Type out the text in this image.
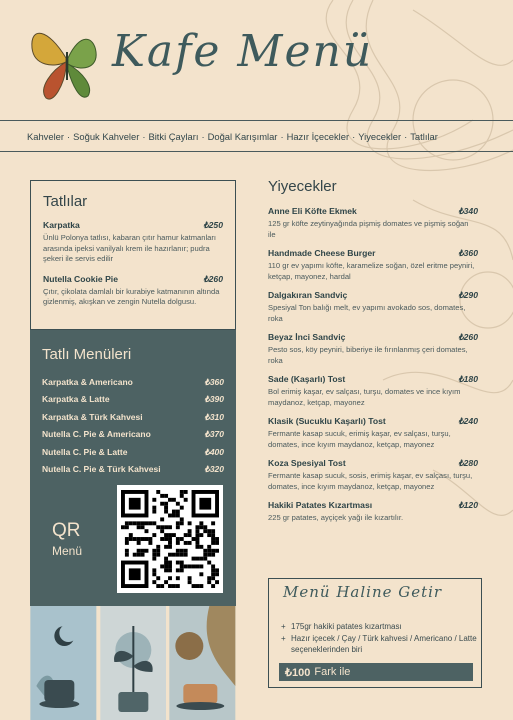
Kafe Menü
Kahveler · Soğuk Kahveler · Bitki Çayları · Doğal Karışımlar · Hazır İçecekler · Yiyecekler · Tatlılar
Tatlılar
Karpatka	₺250
Ünlü Polonya tatlısı, kabaran çıtır hamur katmanları arasında ipeksi vanilyalı krem ile hazırlanır; pudra şekeri ile servis edilir
Nutella Cookie Pie	₺260
Çıtır, çikolata damlalı bir kurabiye katmanının altında gizlenmiş, akışkan ve zengin Nutella dolgusu.
Tatlı Menüleri
Karpatka & Americano	₺360
Karpatka & Latte	₺390
Karpatka & Türk Kahvesi	₺310
Nutella C. Pie & Americano	₺370
Nutella C. Pie & Latte	₺400
Nutella C. Pie & Türk Kahvesi	₺320
QR
Menü
Yiyecekler
Anne Eli Köfte Ekmek	₺340
125 gr köfte zeytinyağında pişmiş domates ve pişmiş soğan ile
Handmade Cheese Burger	₺360
110 gr ev yapımı köfte, karamelize soğan, özel eritme peyniri, ketçap, mayonez, hardal
Dalgakıran Sandviç	₺290
Spesiyal Ton balığı melt, ev yapımı avokado sos, domates, roka
Beyaz İnci Sandviç	₺260
Pesto sos, köy peyniri, biberiye ile fırınlanmış çeri domates, roka
Sade (Kaşarlı) Tost	₺180
Bol erimiş kaşar, ev salçası, turşu, domates ve ince kıyım maydanoz, ketçap, mayonez
Klasik (Sucuklu Kaşarlı) Tost	₺240
Fermante kasap sucuk, erimiş kaşar, ev salçası, turşu, domates, ince kıyım maydanoz, ketçap, mayonez
Koza Spesiyal Tost	₺280
Fermante kasap sucuk, sosis, erimiş kaşar, ev salçası, turşu, domates, ince kıyım maydanoz, ketçap, mayonez
Hakiki Patates Kızartması	₺120
225 gr patates, ayçiçek yağı ile kızartılır.
Menü Haline Getir
+ 175gr hakiki patates kızartması
+ Hazır içecek / Çay / Türk kahvesi / Americano / Latte seçeneklerinden biri
₺100 Fark ile
